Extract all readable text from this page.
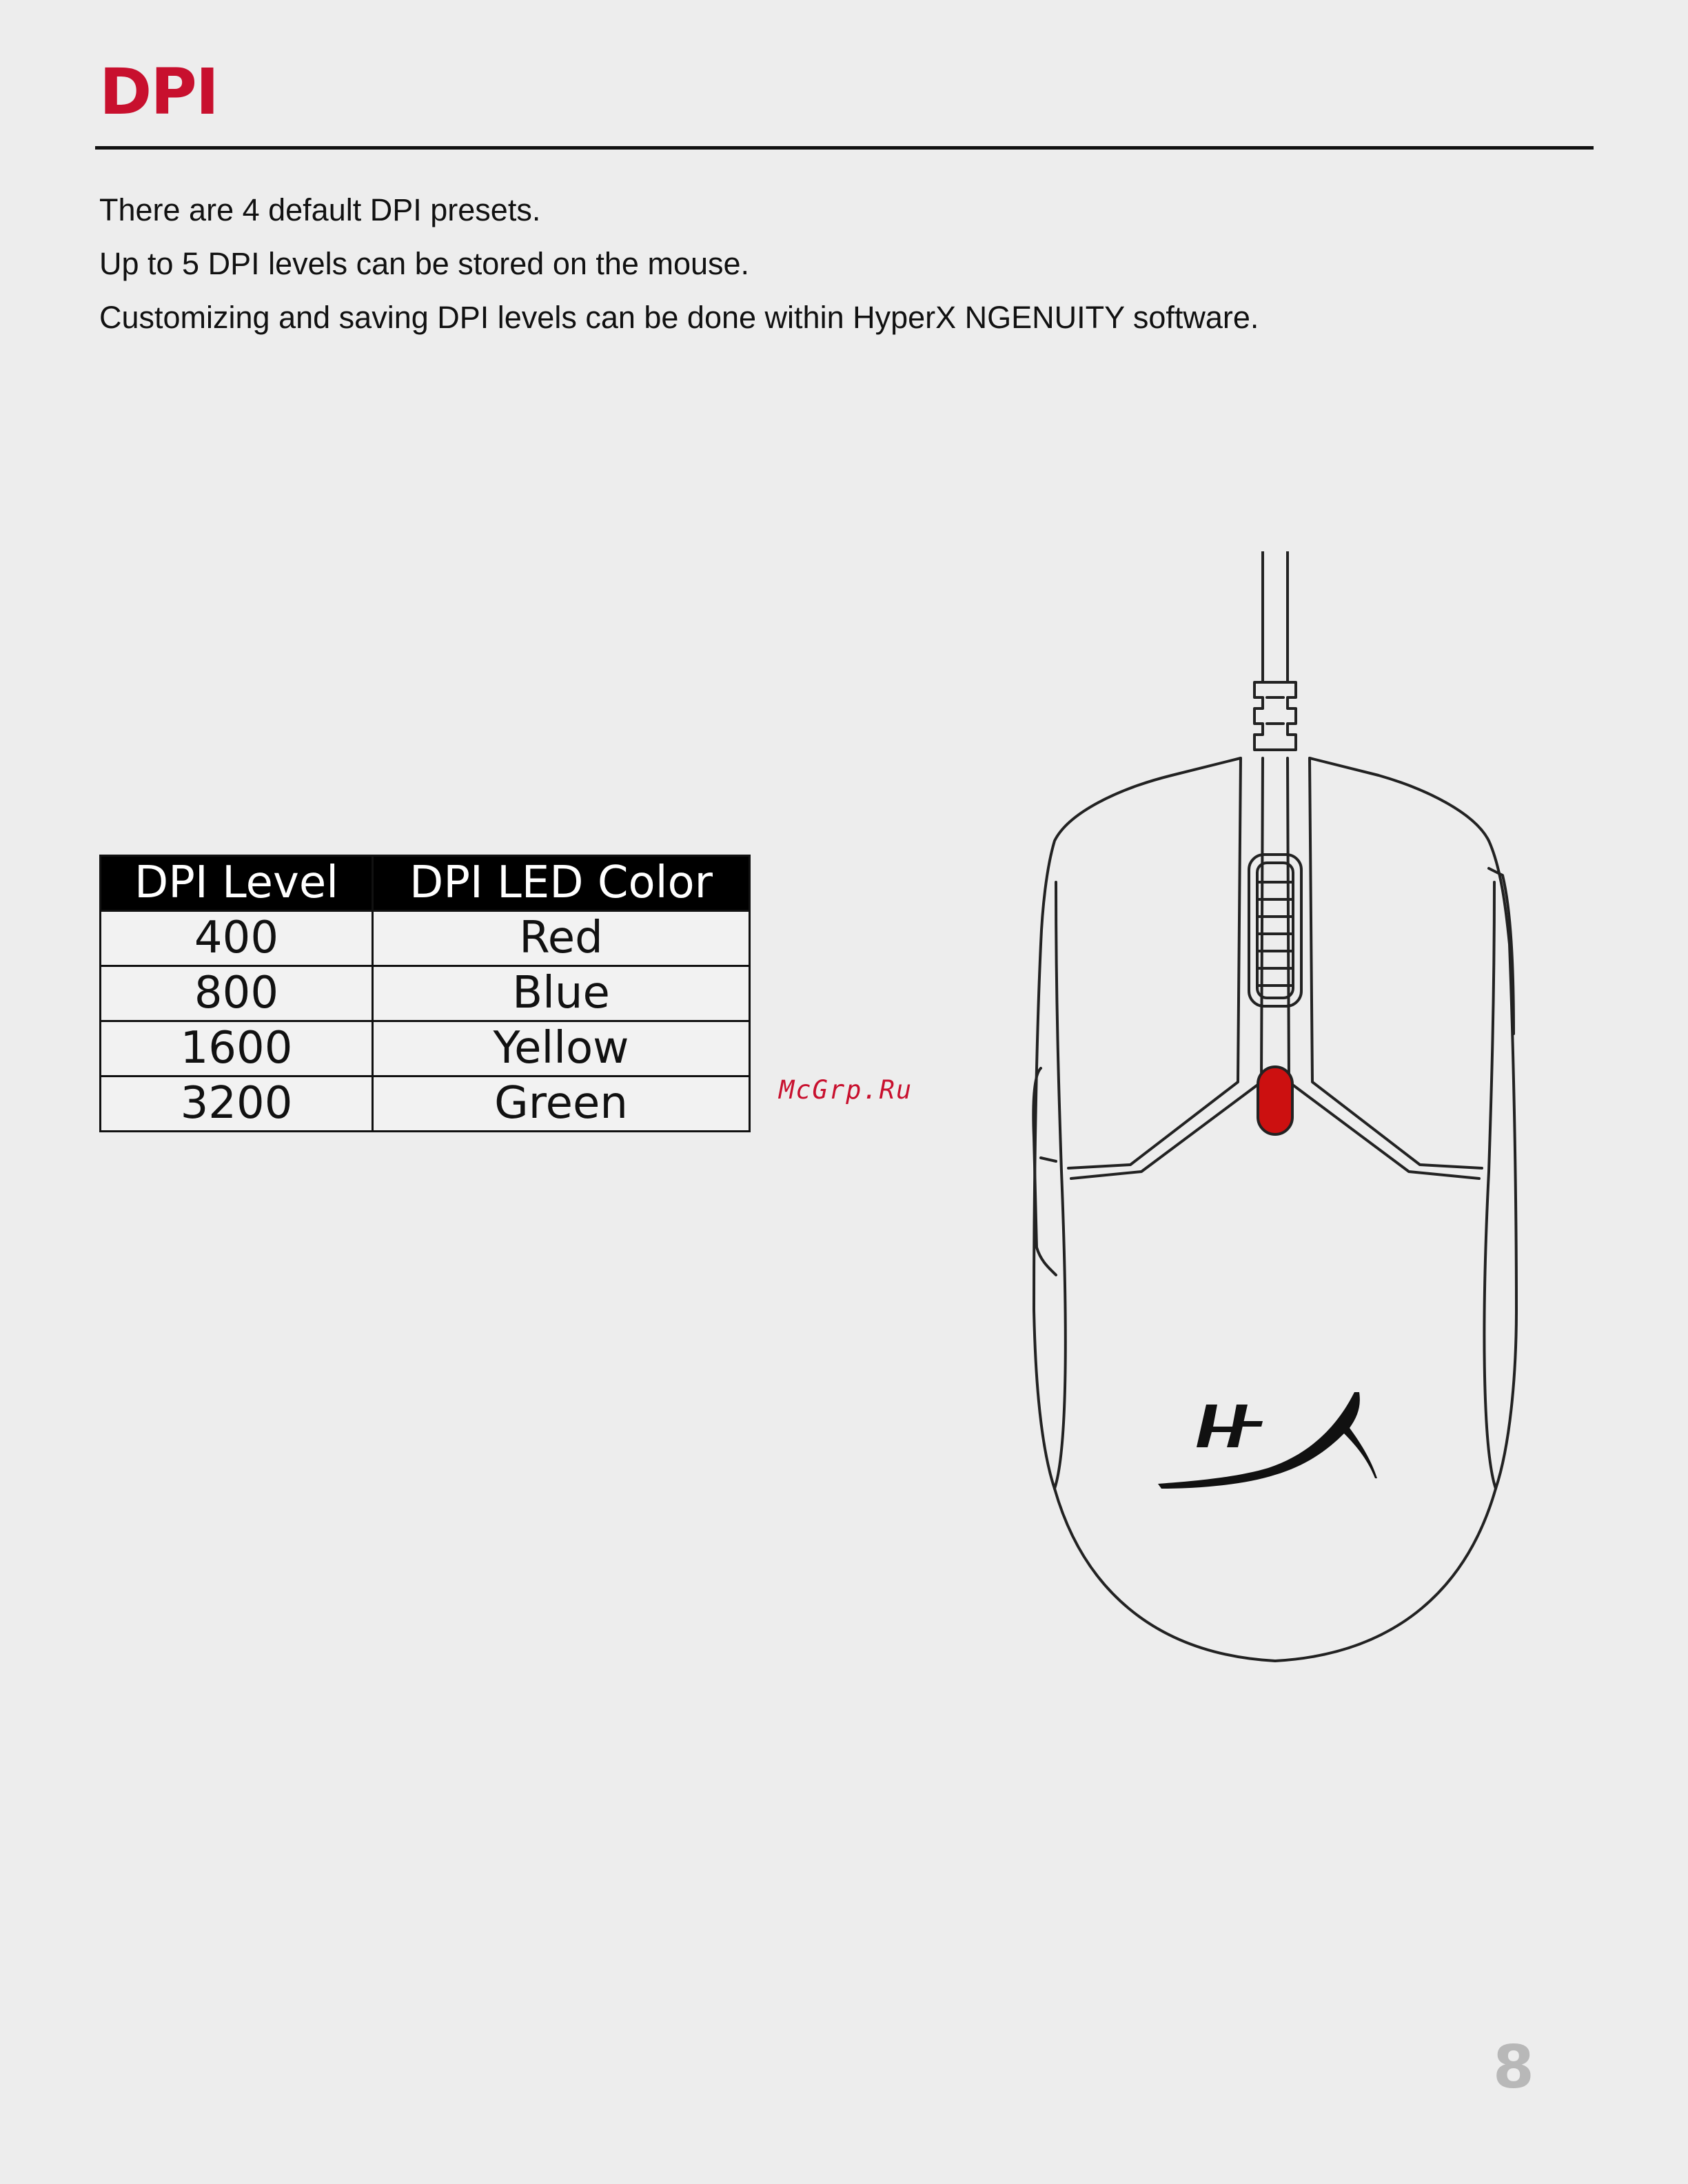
DPI

There are 4 default DPI presets.

Up to 5 DPI levels can be stored on the mouse.

Customizing and saving DPI levels can be done within HyperX NGENUITY software.

DPI Level	DPI LED Color
400	Red
800	Blue
1600	Yellow
3200	Green	McGrp.Ru
8
